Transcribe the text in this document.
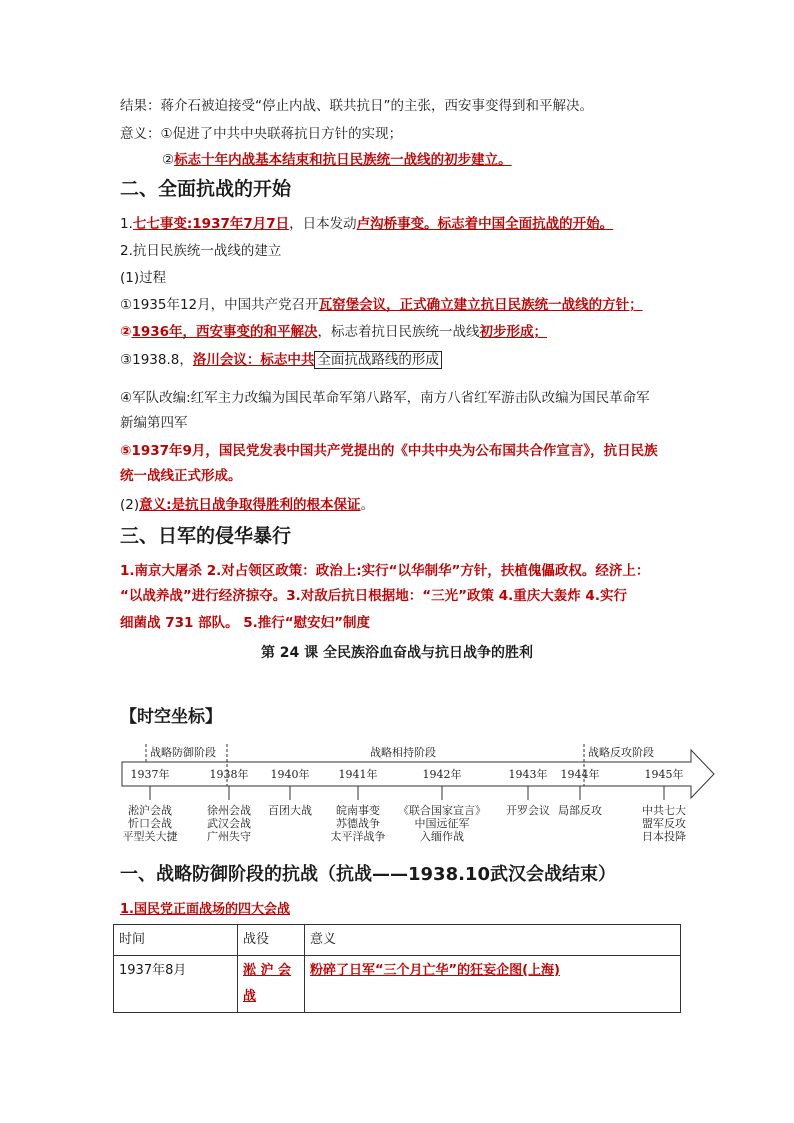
结果：蒋介石被迫接受“停止内战、联共抗日”的主张，西安事变得到和平解决。
意义：①促进了中共中央联蒋抗日方针的实现；
②标志十年内战基本结束和抗日民族统一战线的初步建立。
二、全面抗战的开始
1.七七事变:1937年7月7日，日本发动卢沟桥事变。标志着中国全面抗战的开始。
2.抗日民族统一战线的建立
(1)过程
①1935年12月，中国共产党召开瓦窑堡会议，正式确立建立抗日民族统一战线的方针；
②1936年，西安事变的和平解决，标志着抗日民族统一战线初步形成；
③1938.8，洛川会议：标志中共 全面抗战路线的形成
④军队改编:红军主力改编为国民革命军第八路军，南方八省红军游击队改编为国民革命军
新编第四军
⑤1937年9月，国民党发表中国共产党提出的《中共中央为公布国共合作宣言》，抗日民族
统一战线正式形成。
(2)意义:是抗日战争取得胜利的根本保证。
三、日军的侵华暴行
1.南京大屠杀 2.对占领区政策：政治上:实行“以华制华”方针，扶植傀儡政权。经济上：
“以战养战”进行经济掠夺。3.对敌后抗日根据地：“三光”政策 4.重庆大轰炸 4.实行
细菌战 731 部队。 5.推行“慰安妇”制度
第 24 课 全民族浴血奋战与抗日战争的胜利
【时空坐标】
战略防御阶段	战略相持阶段	战略反攻阶段
1937年	1938年 1940年	1941年	1942年	1943年 1944年	1945年
淞沪会战
忻口会战
平型关大捷
徐州会战
武汉会战
广州失守
百团大战 皖南事变
苏德战争
太平洋战争
《联合国家宣言》
中国远征军
入缅作战
开罗会议 局部反攻	中共七大
盟军反攻
日本投降
一、战略防御阶段的抗战（抗战——1938.10武汉会战结束）
1.国民党正面战场的四大会战
时间	战役	意义
1937年8月	淞 沪 会 战	粉碎了日军“三个月亡华”的狂妄企图(上海)
